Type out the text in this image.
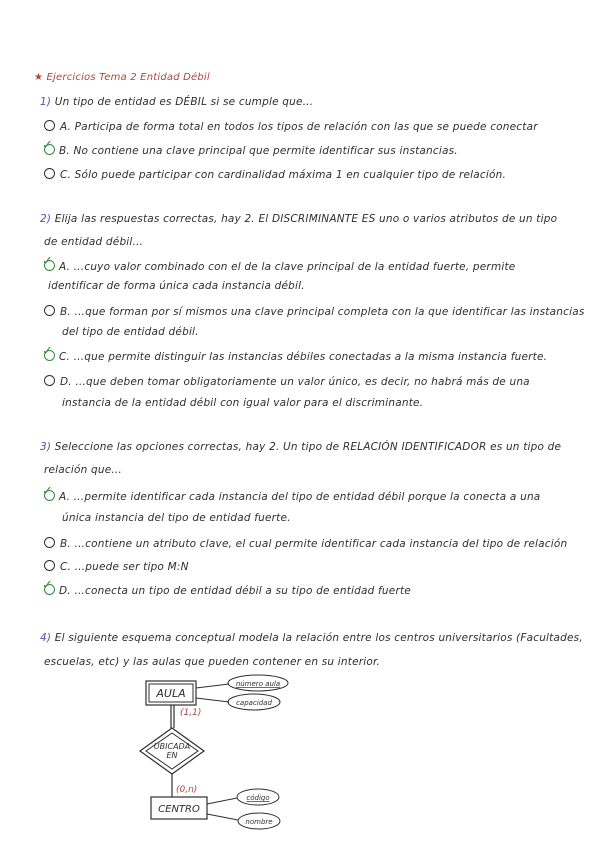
★ Ejercicios Tema 2 Entidad Débil
1) Un tipo de entidad es DÉBIL si se cumple que…
A. Participa de forma total en todos los tipos de relación con las que se puede conectar
✓ B. No contiene una clave principal que permite identificar sus instancias.
C. Sólo puede participar con cardinalidad máxima 1 en cualquier tipo de relación.
2) Elija las respuestas correctas, hay 2. El DISCRIMINANTE ES uno o varios atributos de un tipo
de entidad débil…
✓ A. …cuyo valor combinado con el de la clave principal de la entidad fuerte, permite
identificar de forma única cada instancia débil.
B. …que forman por sí mismos una clave principal completa con la que identificar las instancias
del tipo de entidad débil.
✓ C. …que permite distinguir las instancias débiles conectadas a la misma instancia fuerte.
D. …que deben tomar obligatoriamente un valor único, es decir, no habrá más de una
instancia de la entidad débil con igual valor para el discriminante.
3) Seleccione las opciones correctas, hay 2. Un tipo de RELACIÓN IDENTIFICADOR es un tipo de
relación que…
✓ A. …permite identificar cada instancia del tipo de entidad débil porque la conecta a una
única instancia del tipo de entidad fuerte.
B. …contiene un atributo clave, el cual permite identificar cada instancia del tipo de relación
C. …puede ser tipo M:N
✓ D. …conecta un tipo de entidad débil a su tipo de entidad fuerte
4) El siguiente esquema conceptual modela la relación entre los centros universitarios (Facultades,
escuelas, etc) y las aulas que pueden contener en su interior.
AULA
número aula
capacidad
(1,1)
UBICADA
EN
(0,n)
CENTRO
código
nombre
